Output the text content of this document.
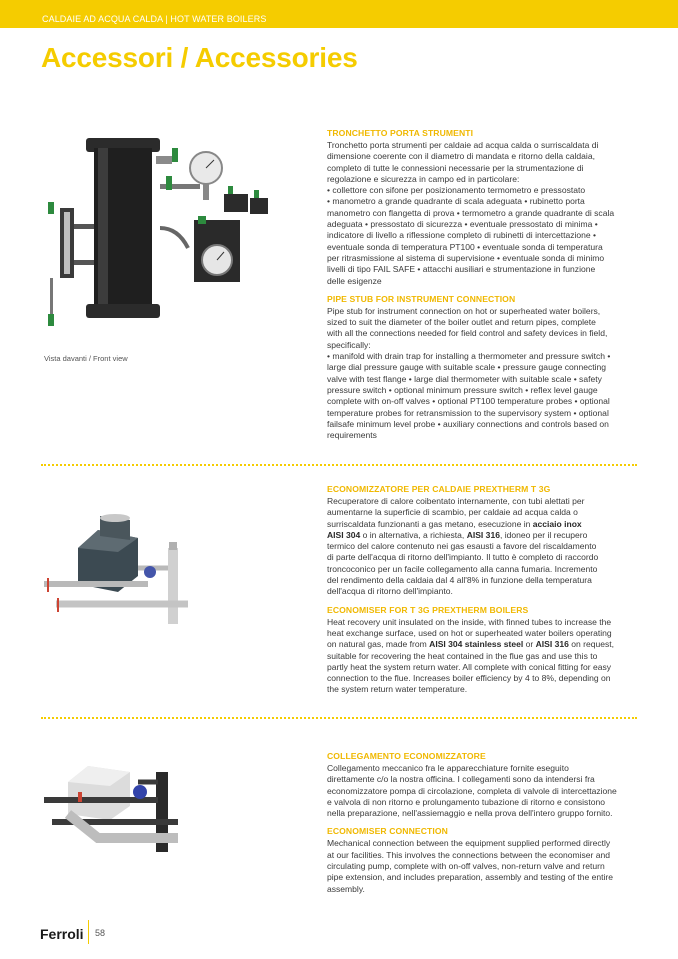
CALDAIE AD ACQUA CALDA | HOT WATER BOILERS
Accessori / Accessories
Vista davanti / Front view
TRONCHETTO PORTA STRUMENTI
Tronchetto porta strumenti per caldaie ad acqua calda o surriscaldata di
dimensione coerente con il diametro di mandata e ritorno della caldaia,
completo di tutte le connessioni necessarie per la strumentazione di
regolazione e sicurezza in campo ed in particolare:
• collettore con sifone per posizionamento termometro e pressostato
• manometro a grande quadrante di scala adeguata • rubinetto porta
manometro con flangetta di prova • termometro a grande quadrante di scala
adeguata • pressostato di sicurezza • eventuale pressostato di minima •
indicatore di livello a riflessione completo di rubinetti di intercettazione •
eventuale sonda di temperatura PT100 • eventuale sonda di temperatura
per ritrasmissione al sistema di supervisione • eventuale sonda di minimo
livelli di tipo FAIL SAFE • attacchi ausiliari e strumentazione in funzione
delle esigenze
PIPE STUB FOR INSTRUMENT CONNECTION
Pipe stub for instrument connection on hot or superheated water boilers,
sized to suit the diameter of the boiler outlet and return pipes, complete
with all the connections needed for field control and safety devices in field,
specifically:
• manifold with drain trap for installing a thermometer and pressure switch •
large dial pressure gauge with suitable scale • pressure gauge connecting
valve with test flange • large dial thermometer with suitable scale • safety
pressure switch • optional minimum pressure switch • reflex level gauge
complete with on-off valves • optional PT100 temperature probes • optional
temperature probes for retransmission to the supervisory system • optional
failsafe minimum level probe • auxiliary connections and controls based on
requirements
ECONOMIZZATORE PER CALDAIE PREXTHERM T 3G
Recuperatore di calore coibentato internamente, con tubi alettati per
aumentarne la superficie di scambio, per caldaie ad acqua calda o
surriscaldata funzionanti a gas metano, esecuzione in acciaio inox
AISI 304 o in alternativa, a richiesta, AISI 316, idoneo per il recupero
termico del calore contenuto nei gas esausti a favore del riscaldamento
di parte dell'acqua di ritorno dell'impianto. Il tutto è completo di raccordo
troncoconico per un facile collegamento alla canna fumaria. Incremento
del rendimento della caldaia dal 4 all'8% in funzione della temperatura
dell'acqua di ritorno dell'impianto.
ECONOMISER FOR T 3G PREXTHERM BOILERS
Heat recovery unit insulated on the inside, with finned tubes to increase the
heat exchange surface, used on hot or superheated water boilers operating
on natural gas, made from AISI 304 stainless steel or AISI 316 on request,
suitable for recovering the heat contained in the flue gas and use this to
partly heat the system return water. All complete with conical fitting for easy
connection to the flue. Increases boiler efficiency by 4 to 8%, depending on
the system return water temperature.
COLLEGAMENTO ECONOMIZZATORE
Collegamento meccanico fra le apparecchiature fornite eseguito
direttamente c/o la nostra officina. I collegamenti sono da intendersi fra
economizzatore pompa di circolazione, completa di valvole di intercettazione
e valvola di non ritorno e prolungamento tubazione di ritorno e consistono
nella preparazione, nell'assiemaggio e nella prova dell'intero gruppo fornito.
ECONOMISER CONNECTION
Mechanical connection between the equipment supplied performed directly
at our facilities. This involves the connections between the economiser and
circulating pump, complete with on-off valves, non-return valve and return
pipe extension, and includes preparation, assembly and testing of the entire
assembly.
Ferroli 58
